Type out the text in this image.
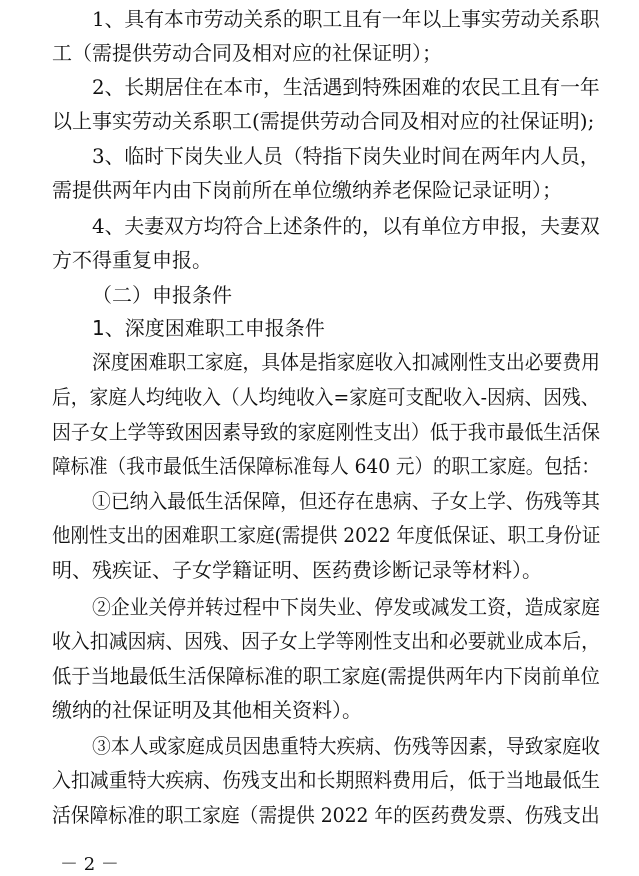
1、具有本市劳动关系的职工且有一年以上事实劳动关系职

工（需提供劳动合同及相对应的社保证明）；

2、长期居住在本市，生活遇到特殊困难的农民工且有一年

以上事实劳动关系职工(需提供劳动合同及相对应的社保证明);

3、临时下岗失业人员（特指下岗失业时间在两年内人员，

需提供两年内由下岗前所在单位缴纳养老保险记录证明）；

4、夫妻双方均符合上述条件的，以有单位方申报，夫妻双

方不得重复申报。

（二）申报条件

1、深度困难职工申报条件

深度困难职工家庭，具体是指家庭收入扣减刚性支出必要费用

后，家庭人均纯收入（人均纯收入=家庭可支配收入-因病、因残、

因子女上学等致困因素导致的家庭刚性支出）低于我市最低生活保

障标准（我市最低生活保障标准每人 640 元）的职工家庭。包括：

①已纳入最低生活保障，但还存在患病、子女上学、伤残等其

他刚性支出的困难职工家庭(需提供 2022 年度低保证、职工身份证

明、残疾证、子女学籍证明、医药费诊断记录等材料）。

②企业关停并转过程中下岗失业、停发或减发工资，造成家庭

收入扣减因病、因残、因子女上学等刚性支出和必要就业成本后，

低于当地最低生活保障标准的职工家庭(需提供两年内下岗前单位

缴纳的社保证明及其他相关资料）。

③本人或家庭成员因患重特大疾病、伤残等因素，导致家庭收

入扣减重特大疾病、伤残支出和长期照料费用后，低于当地最低生

活保障标准的职工家庭（需提供 2022 年的医药费发票、伤残支出

－ 2 －
